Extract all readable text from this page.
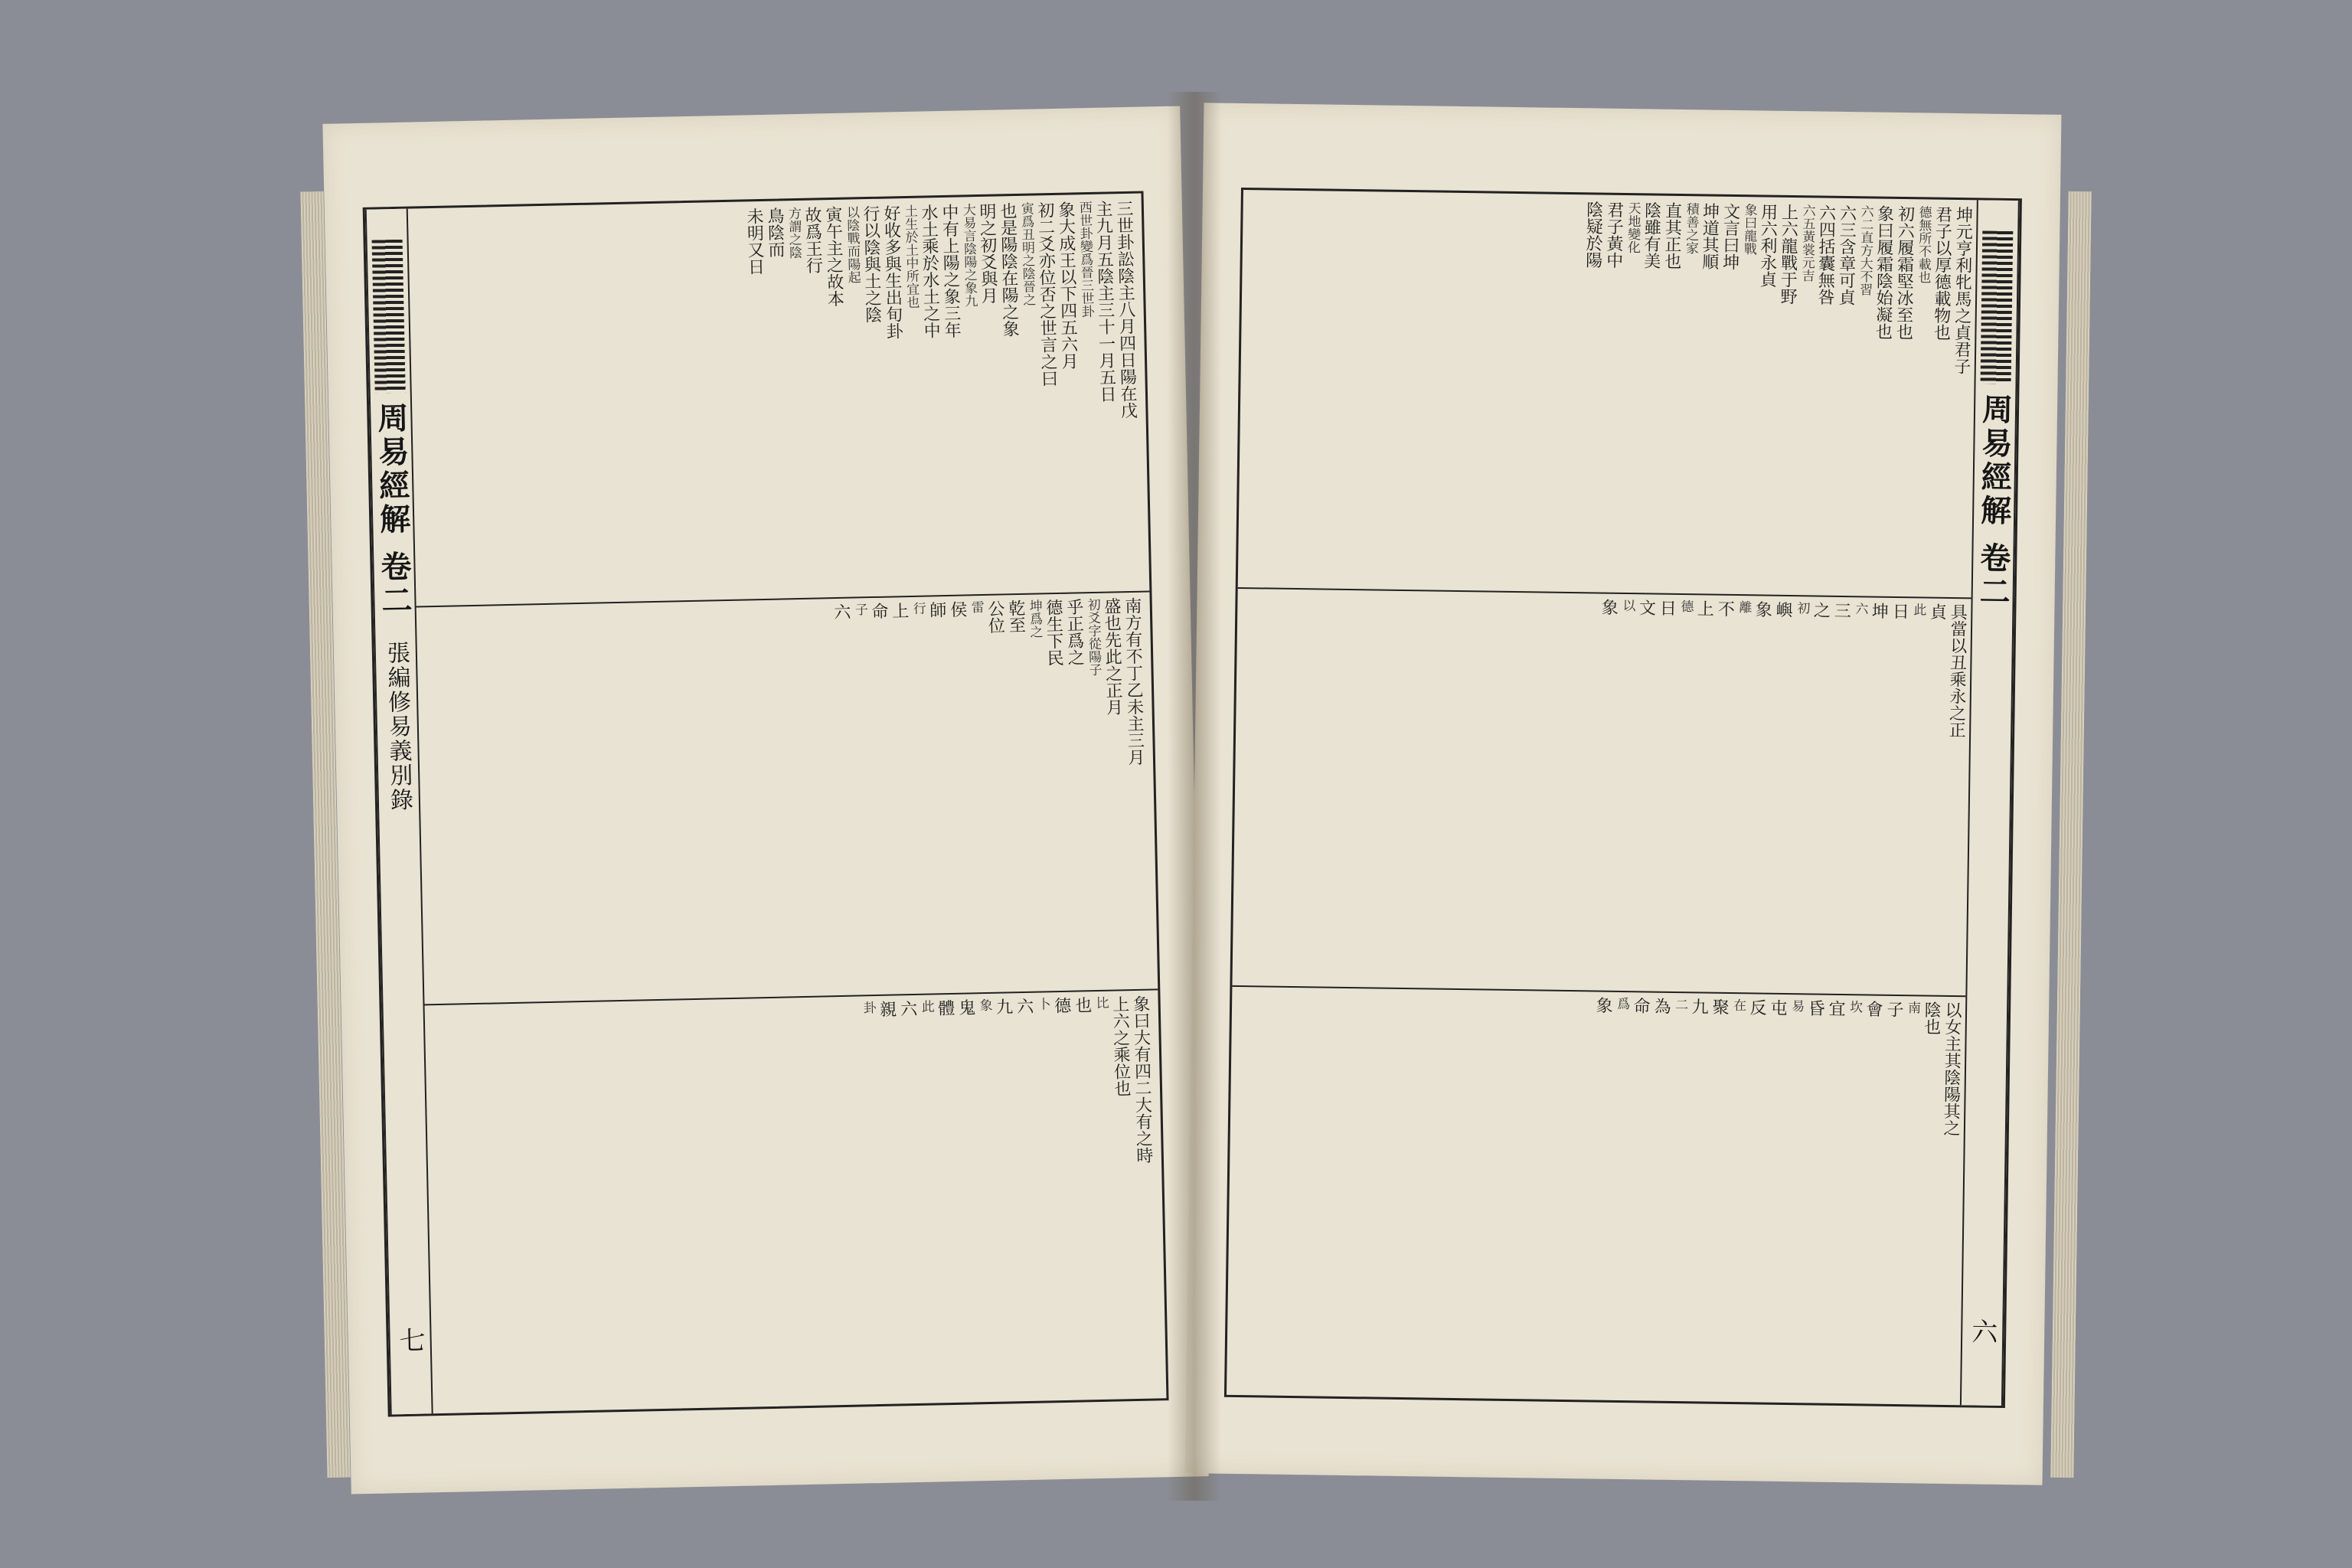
周易經解 卷二
張編修易義別錄
七
三世卦訟陰主八月四日陽在戊
主九月五陰主三十一月五日
西世卦變爲晉三世卦
象大成王以下四五六月
初二爻亦位否之世言之曰
寅爲丑明之陰晉之
也是陽陰在陽之象
明之初爻與月
大易言陰陽之象九
中有上陽之象三年
水土乘於水土之中
土生於土中所宜也
好收多與生出旬卦
行以陰與土之陰
以陰戰而陽起
寅午主之故本
故爲王行
方謂之陰
鳥陰而
未明又日
南方有不丁乙未主三月
盛也先此之正月
初爻字從陽子
乎正爲之
德生下民
坤爲之
乾至
公位
雷
侯
師
行
上
命
子
六
象曰大有四二大有之時
上六之乘位也
比
也
德
卜
六
九
象
鬼
體
此
六
親
卦
周易經解 卷二
六
坤元亨利牝馬之貞君子
君子以厚德載物也
德無所不載也
初六履霜堅冰至也
象曰履霜陰始凝也
六二直方大不習
六三含章可貞
六四括囊無咎
六五黃裳元吉
上六龍戰于野
用六利永貞
象曰龍戰
文言曰坤
坤道其順
積善之家
直其正也
陰雖有美
天地變化
君子黃中
陰疑於陽
具當以丑乘永之正
貞
此
日
坤
六
三
之
初
嶼
象
離
不
上
德
日
文
以
象
以女主其陰陽其之
陰也
南
子
會
坎
宜
昏
易
屯
反
在
聚
九
二
為
命
爲
象
